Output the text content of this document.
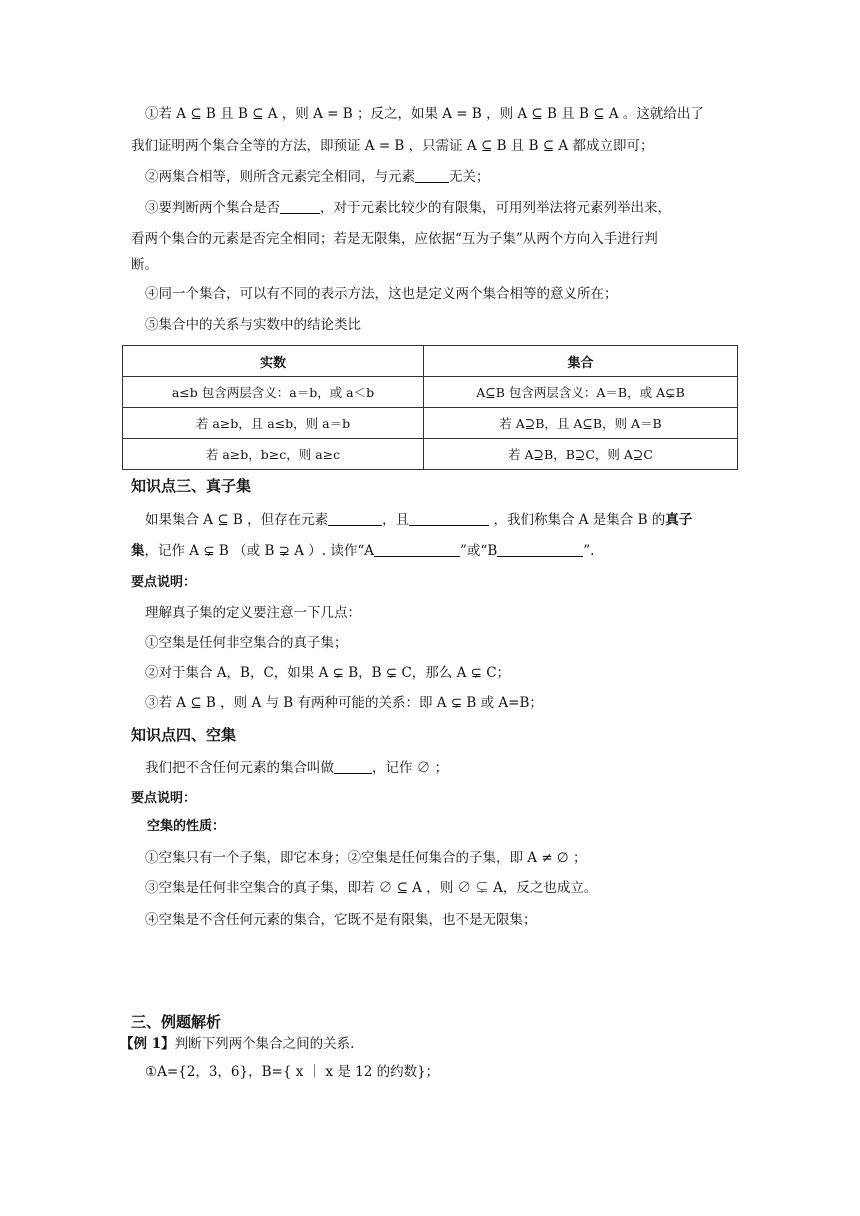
①若 A ⊆ B 且 B ⊆ A ，则 A = B ；反之，如果 A = B ，则 A ⊆ B 且 B ⊆ A 。这就给出了
我们证明两个集合全等的方法，即预证 A = B ，只需证 A ⊆ B 且 B ⊆ A 都成立即可；
②两集合相等，则所含元素完全相同，与元素	无关；
③要判断两个集合是否	，对于元素比较少的有限集，可用列举法将元素列举出来，
看两个集合的元素是否完全相同；若是无限集，应依据“互为子集”从两个方向入手进行判
断。
④同一个集合，可以有不同的表示方法，这也是定义两个集合相等的意义所在；
⑤集合中的关系与实数中的结论类比
实数	集合
a≤b 包含两层含义：a＝b，或 a＜b	A⊆B 包含两层含义：A＝B，或 A⊊B
若 a≥b，且 a≤b，则 a＝b	若 A⊇B，且 A⊆B，则 A＝B
若 a≥b，b≥c，则 a≥c	若 A⊇B，B⊇C，则 A⊇C
知识点三、真子集
如果集合 A ⊆ B ，但存在元素	，且	，我们称集合 A 是集合 B 的真子
集，记作 A ⊊ B （或 B ⊋ A ）. 读作“A	”或“B	”.
要点说明：
理解真子集的定义要注意一下几点：
①空集是任何非空集合的真子集；
②对于集合 A，B，C，如果 A ⊊ B，B ⊊ C，那么 A ⊊ C；
③若 A ⊆ B ，则 A 与 B 有两种可能的关系：即 A ⊊ B 或 A=B；
知识点四、空集
我们把不含任何元素的集合叫做	，记作 ∅ ；
要点说明：
空集的性质：
①空集只有一个子集，即它本身；②空集是任何集合的子集，即 A ≠ ∅ ；
③空集是任何非空集合的真子集，即若 ∅ ⊆ A ，则 ∅ ⊊ A，反之也成立。
④空集是不含任何元素的集合，它既不是有限集，也不是无限集；
三、例题解析
【例 1】判断下列两个集合之间的关系.
①A={2，3，6}，B={ x ｜ x 是 12 的约数}；
